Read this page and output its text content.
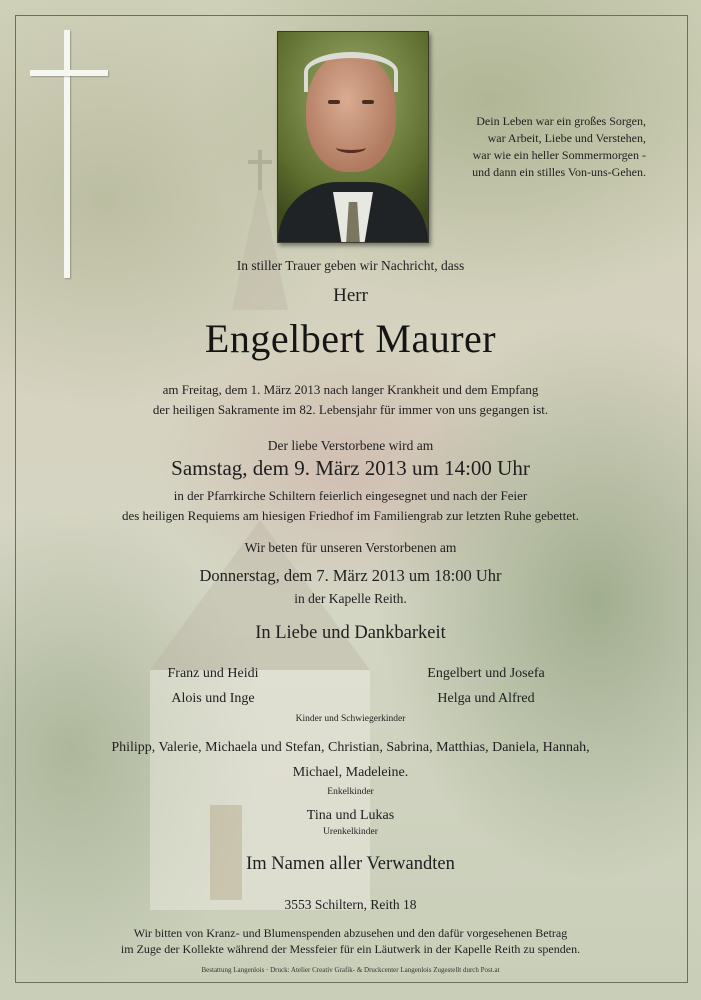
Dein Leben war ein großes Sorgen,
war Arbeit, Liebe und Verstehen,
war wie ein heller Sommermorgen -
und dann ein stilles Von-uns-Gehen.
In stiller Trauer geben wir Nachricht, dass
Herr
Engelbert Maurer
am Freitag, dem 1. März 2013 nach langer Krankheit und dem Empfang
der heiligen Sakramente im 82. Lebensjahr für immer von uns gegangen ist.
Der liebe Verstorbene wird am
Samstag, dem 9. März 2013 um 14:00 Uhr
in der Pfarrkirche Schiltern feierlich eingesegnet und nach der Feier
des heiligen Requiems am hiesigen Friedhof im Familiengrab zur letzten Ruhe gebettet.
Wir beten für unseren Verstorbenen am
Donnerstag, dem 7. März 2013 um 18:00 Uhr
in der Kapelle Reith.
In Liebe und Dankbarkeit
Franz und Heidi
Alois und Inge
Engelbert und Josefa
Helga und Alfred
Kinder und Schwiegerkinder
Philipp, Valerie, Michaela und Stefan, Christian, Sabrina, Matthias, Daniela, Hannah,
Michael, Madeleine.
Enkelkinder
Tina und Lukas
Urenkelkinder
Im Namen aller Verwandten
3553 Schiltern, Reith 18
Wir bitten von Kranz- und Blumenspenden abzusehen und den dafür vorgesehenen Betrag
im Zuge der Kollekte während der Messfeier für ein Läutwerk in der Kapelle Reith zu spenden.
Bestattung Langenlois · Druck: Atelier Creativ Grafik- & Druckcenter Langenlois Zugestellt durch Post.at
